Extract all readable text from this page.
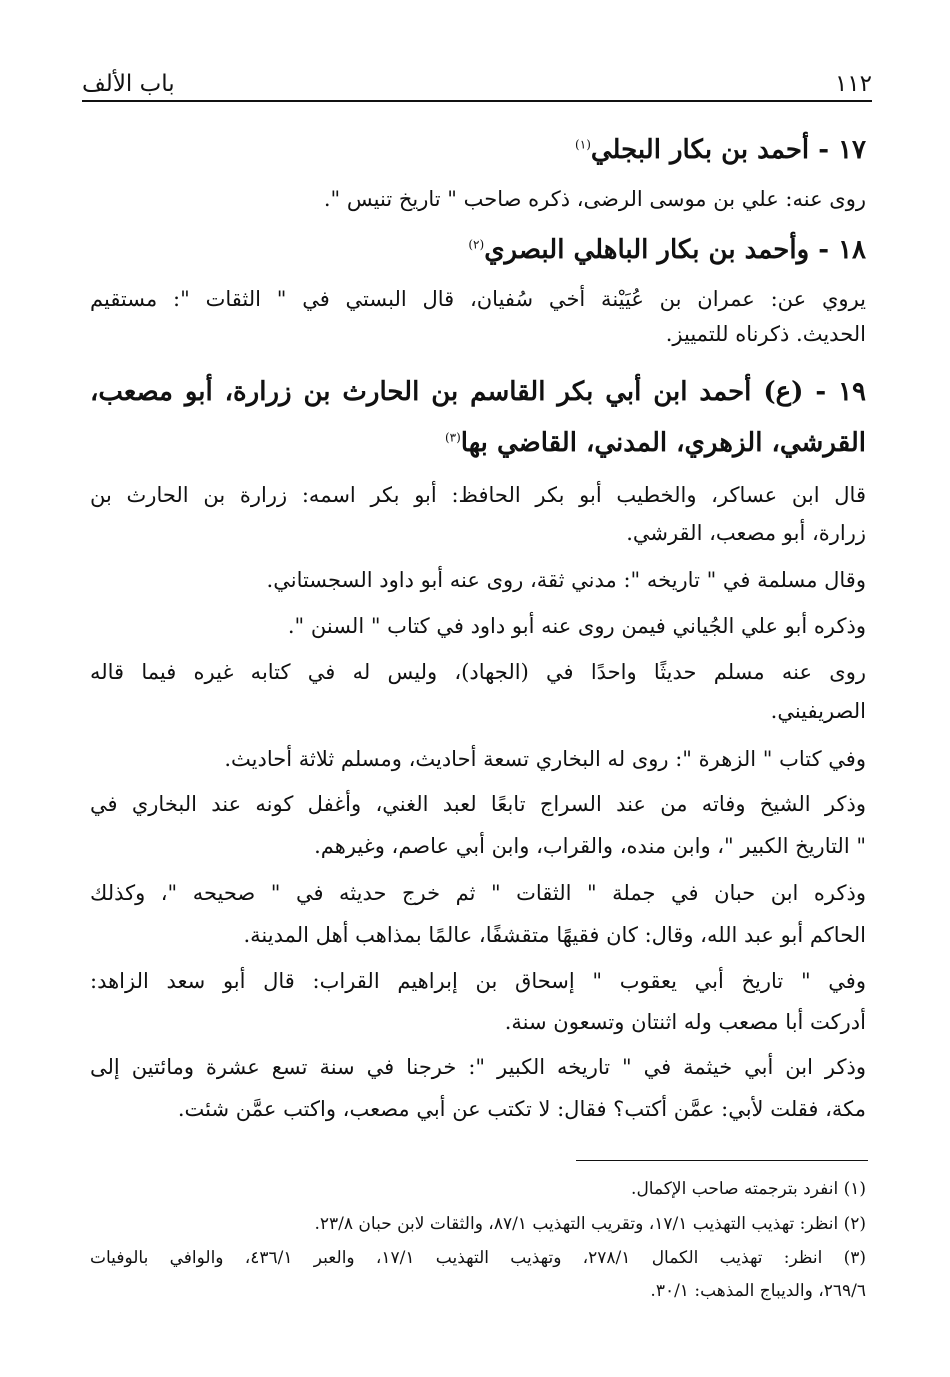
١١٢
باب الألف
١٧ - أحمد بن بكار البجلي$^{(١)}$
روى عنه: علي بن موسى الرضى، ذكره صاحب " تاريخ تنيس ".
١٨ - وأحمد بن بكار الباهلي البصري$^{(٢)}$
يروي عن: عمران بن عُيَيْنة أخي سُفيان، قال البستي في " الثقات ": مستقيم
الحديث. ذكرناه للتمييز.
١٩ - (ع) أحمد ابن أبي بكر القاسم بن الحارث بن زرارة، أبو مصعب،
القرشي، الزهري، المدني، القاضي بها$^{(٣)}$
قال ابن عساكر، والخطيب أبو بكر الحافظ: أبو بكر اسمه: زرارة بن الحارث بن
زرارة، أبو مصعب، القرشي.
وقال مسلمة في " تاريخه ": مدني ثقة، روى عنه أبو داود السجستاني.
وذكره أبو علي الجُياني فيمن روى عنه أبو داود في كتاب " السنن ".
روى عنه مسلم حديثًا واحدًا في (الجهاد)، وليس له في كتابه غيره فيما قاله
الصريفيني.
وفي كتاب " الزهرة ": روى له البخاري تسعة أحاديث، ومسلم ثلاثة أحاديث.
وذكر الشيخ وفاته من عند السراج تابعًا لعبد الغني، وأغفل كونه عند البخاري في
" التاريخ الكبير "، وابن منده، والقراب، وابن أبي عاصم، وغيرهم.
وذكره ابن حبان في جملة " الثقات " ثم خرج حديثه في " صحيحه "، وكذلك
الحاكم أبو عبد الله، وقال: كان فقيهًا متقشفًا، عالمًا بمذاهب أهل المدينة.
وفي " تاريخ أبي يعقوب " إسحاق بن إبراهيم القراب: قال أبو سعد الزاهد:
أدركت أبا مصعب وله اثنتان وتسعون سنة.
وذكر ابن أبي خيثمة في " تاريخه الكبير ": خرجنا في سنة تسع عشرة ومائتين إلى
مكة، فقلت لأبي: عمَّن أكتب؟ فقال: لا تكتب عن أبي مصعب، واكتب عمَّن شئت.
(١) انفرد بترجمته صاحب الإكمال.
(٢) انظر: تهذيب التهذيب ١٧/١، وتقريب التهذيب ٨٧/١، والثقات لابن حبان ٢٣/٨.
(٣) انظر: تهذيب الكمال ٢٧٨/١، وتهذيب التهذيب ١٧/١، والعبر ٤٣٦/١، والوافي بالوفيات
٢٦٩/٦، والديباج المذهب: ٣٠/١.
